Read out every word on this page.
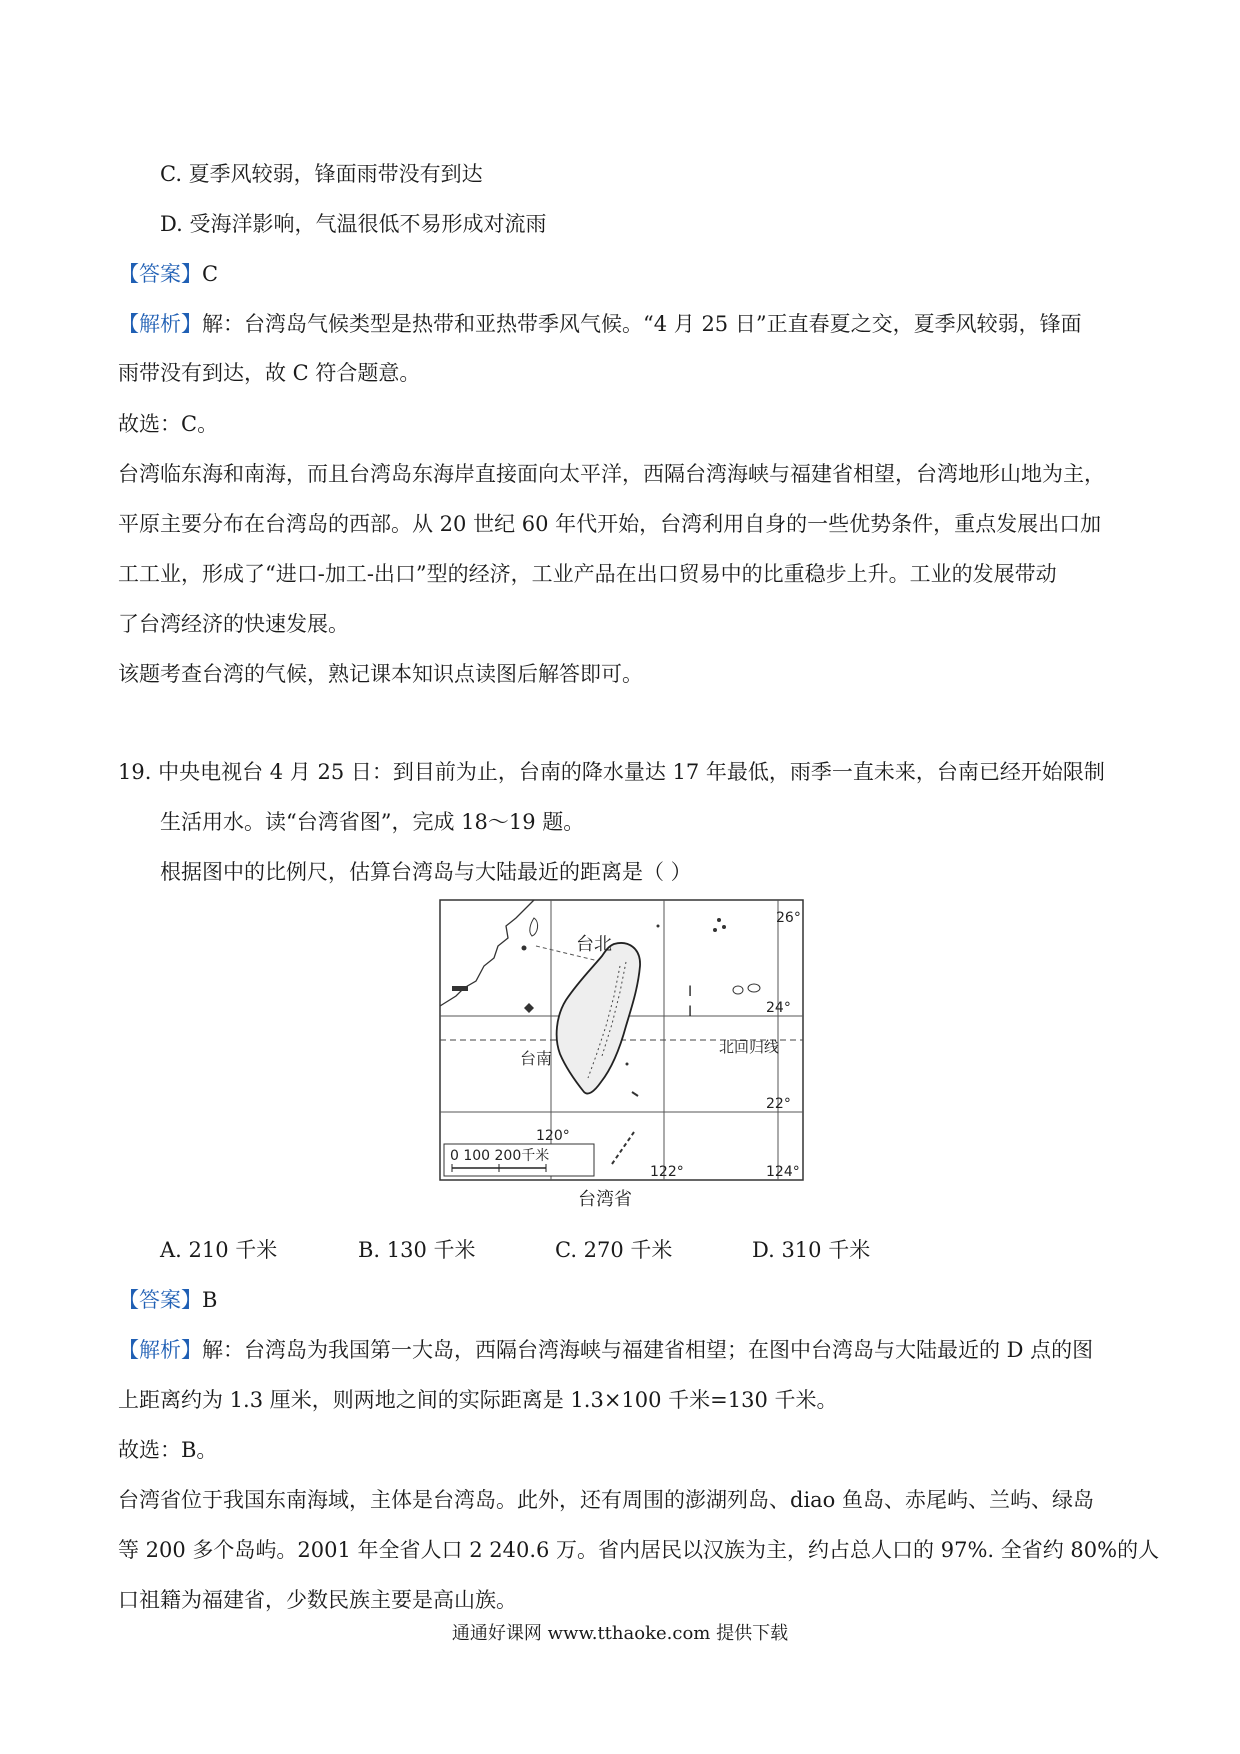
C. 夏季风较弱，锋面雨带没有到达
D. 受海洋影响，气温很低不易形成对流雨
【答案】C
【解析】解：台湾岛气候类型是热带和亚热带季风气候。“4 月 25 日”正直春夏之交，夏季风较弱，锋面
雨带没有到达，故 C 符合题意。
故选：C。
台湾临东海和南海，而且台湾岛东海岸直接面向太平洋，西隔台湾海峡与福建省相望，台湾地形山地为主，
平原主要分布在台湾岛的西部。从 20 世纪 60 年代开始，台湾利用自身的一些优势条件，重点发展出口加
工工业，形成了“进口-加工-出口”型的经济，工业产品在出口贸易中的比重稳步上升。工业的发展带动
了台湾经济的快速发展。
该题考查台湾的气候，熟记课本知识点读图后解答即可。
19. 中央电视台 4 月 25 日：到目前为止，台南的降水量达 17 年最低，雨季一直未来，台南已经开始限制
生活用水。读“台湾省图”，完成 18～19 题。
根据图中的比例尺，估算台湾岛与大陆最近的距离是（ ）
I
I
台北
台南
北回归线
26°
24°
22°
120°
122°	124°
0 100 200千米
台湾省
A. 210 千米	B. 130 千米	C. 270 千米	D. 310 千米
【答案】B
【解析】解：台湾岛为我国第一大岛，西隔台湾海峡与福建省相望；在图中台湾岛与大陆最近的 D 点的图
上距离约为 1.3 厘米，则两地之间的实际距离是 1.3×100 千米=130 千米。
故选：B。
台湾省位于我国东南海域，主体是台湾岛。此外，还有周围的澎湖列岛、diao 鱼岛、赤尾屿、兰屿、绿岛
等 200 多个岛屿。2001 年全省人口 2 240.6 万。省内居民以汉族为主，约占总人口的 97%. 全省约 80%的人
口祖籍为福建省，少数民族主要是高山族。
通通好课网 www.tthaoke.com 提供下载
